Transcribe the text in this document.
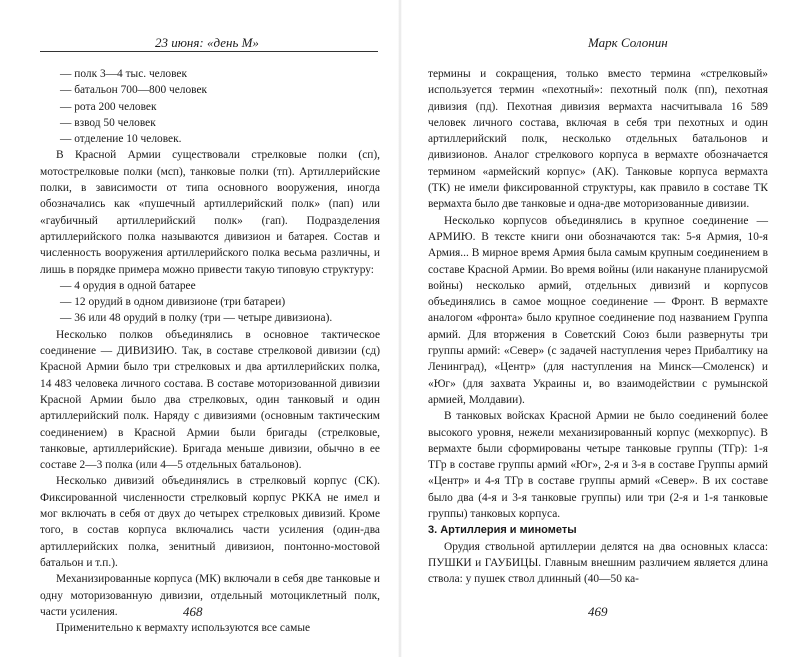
23 июня: «день М»
— полк 3—4 тыс. человек
— батальон 700—800 человек
— рота 200 человек
— взвод 50 человек
— отделение 10 человек.

В Красной Армии существовали стрелковые полки (сп), мотострелковые полки (мсп), танковые полки (тп). Артиллерийские полки, в зависимости от типа основного вооружения, иногда обозначались как «пушечный артиллерийский полк» (пап) или «гаубичный артиллерийский полк» (гап). Подразделения артиллерийского полка называются дивизион и батарея. Состав и численность вооружения артиллерийского полка весьма различны, и лишь в порядке примера можно привести такую типовую структуру:

— 4 орудия в одной батарее
— 12 орудий в одном дивизионе (три батареи)
— 36 или 48 орудий в полку (три — четыре дивизиона).

Несколько полков объединялись в основное тактическое соединение — ДИВИЗИЮ. Так, в составе стрелковой дивизии (сд) Красной Армии было три стрелковых и два артиллерийских полка, 14 483 человека личного состава. В составе моторизованной дивизии Красной Армии было два стрелковых, один танковый и один артиллерийский полк. Наряду с дивизиями (основным тактическим соединением) в Красной Армии были бригады (стрелковые, танковые, артиллерийские). Бригада меньше дивизии, обычно в ее составе 2—3 полка (или 4—5 отдельных батальонов).

Несколько дивизий объединялись в стрелковый корпус (СК). Фиксированной численности стрелковый корпус РККА не имел и мог включать в себя от двух до четырех стрелковых дивизий. Кроме того, в состав корпуса включались части усиления (один-два артиллерийских полка, зенитный дивизион, понтонно-мостовой батальон и т.п.).

Механизированные корпуса (МК) включали в себя две танковые и одну моторизованную дивизии, отдельный мотоциклетный полк, части усиления.

Применительно к вермахту используются все самые

468
Марк Солонин

термины и сокращения, только вместо термина «стрелковый» используется термин «пехотный»: пехотный полк (пп), пехотная дивизия (пд). Пехотная дивизия вермахта насчитывала 16 589 человек личного состава, включая в себя три пехотных и один артиллерийский полк, несколько отдельных батальонов и дивизионов. Аналог стрелкового корпуса в вермахте обозначается термином «армейский корпус» (АК). Танковые корпуса вермахта (ТК) не имели фиксированной структуры, как правило в составе ТК вермахта было две танковые и одна-две моторизованные дивизии.

Несколько корпусов объединялись в крупное соединение — АРМИЮ. В тексте книги они обозначаются так: 5-я Армия, 10-я Армия... В мирное время Армия была самым крупным соединением в составе Красной Армии. Во время войны (или накануне планирусмой войны) несколько армий, отдельных дивизий и корпусов объединялись в самое мощное соединение — Фронт. В вермахте аналогом «фронта» было крупное соединение под названием Группа армий. Для вторжения в Советский Союз были развернуты три группы армий: «Север» (с задачей наступления через Прибалтику на Ленинград), «Центр» (для наступления на Минск—Смоленск) и «Юг» (для захвата Украины и, во взаимодействии с румынской армией, Молдавии).

В танковых войсках Красной Армии не было соединений более высокого уровня, нежели механизированный корпус (мехкорпус). В вермахте были сформированы четыре танковые группы (ТГр): 1-я ТГр в составе группы армий «Юг», 2-я и 3-я в составе Группы армий «Центр» и 4-я ТГр в составе группы армий «Север». В их составе было два (4-я и 3-я танковые группы) или три (2-я и 1-я танковые группы) танковых корпуса.

3. Артиллерия и минометы

Орудия ствольной артиллерии делятся на два основных класса: ПУШКИ и ГАУБИЦЫ. Главным внешним различием является длина ствола: у пушек ствол длинный (40—50 ка-

469
